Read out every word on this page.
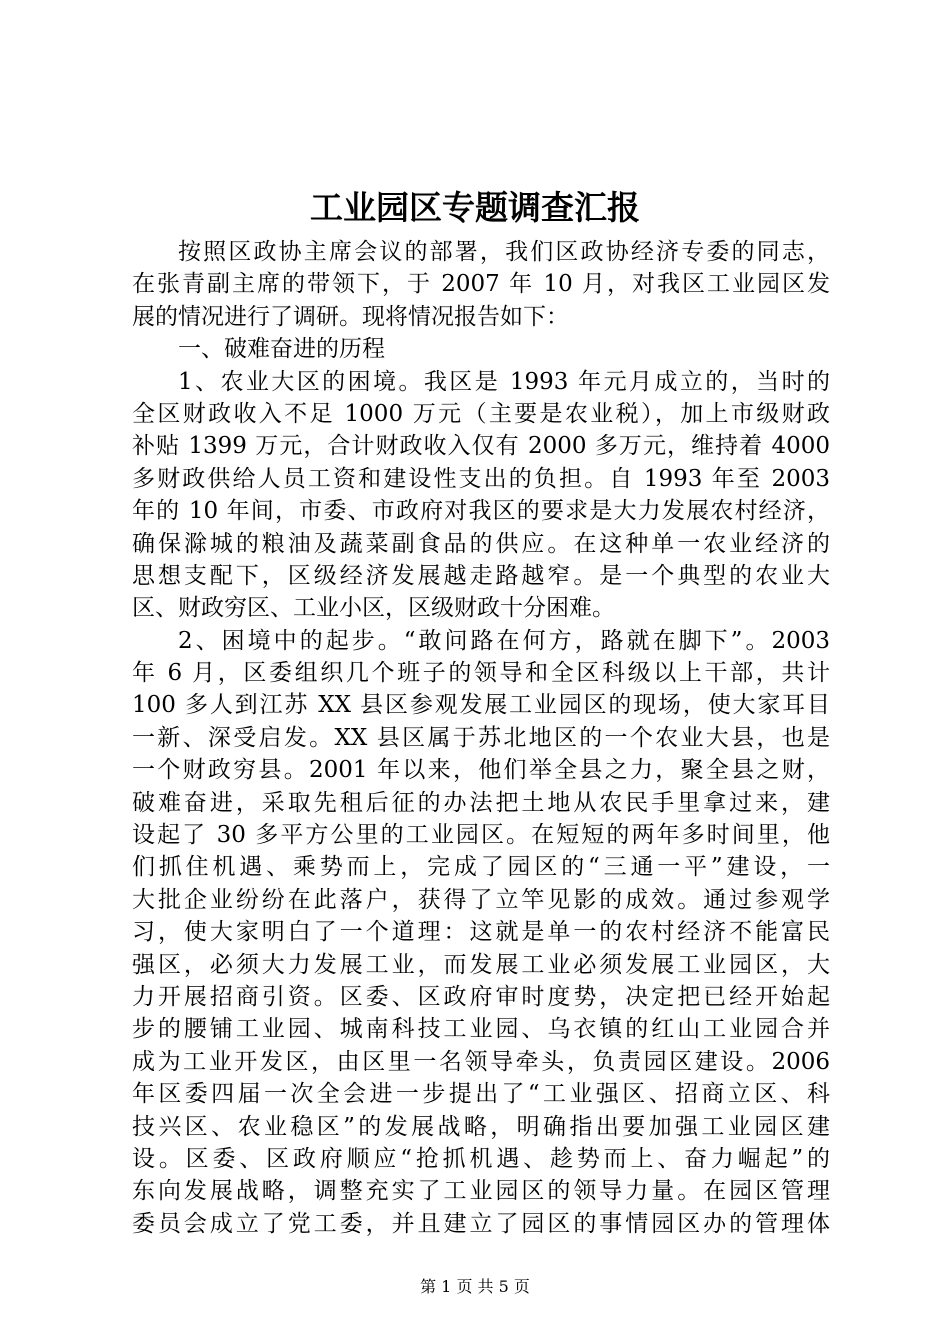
工业园区专题调查汇报
按照区政协主席会议的部署，我们区政协经济专委的同志，
在张青副主席的带领下，于 2007 年 10 月，对我区工业园区发
展的情况进行了调研。现将情况报告如下：
一、破难奋进的历程
1、农业大区的困境。我区是 1993 年元月成立的，当时的
全区财政收入不足 1000 万元（主要是农业税），加上市级财政
补贴 1399 万元，合计财政收入仅有 2000 多万元，维持着 4000
多财政供给人员工资和建设性支出的负担。自 1993 年至 2003
年的 10 年间，市委、市政府对我区的要求是大力发展农村经济，
确保滁城的粮油及蔬菜副食品的供应。在这种单一农业经济的
思想支配下，区级经济发展越走路越窄。是一个典型的农业大
区、财政穷区、工业小区，区级财政十分困难。
2、困境中的起步。“敢问路在何方，路就在脚下”。2003
年 6 月，区委组织几个班子的领导和全区科级以上干部，共计
100 多人到江苏 XX 县区参观发展工业园区的现场，使大家耳目
一新、深受启发。XX 县区属于苏北地区的一个农业大县，也是
一个财政穷县。2001 年以来，他们举全县之力，聚全县之财，
破难奋进，采取先租后征的办法把土地从农民手里拿过来，建
设起了 30 多平方公里的工业园区。在短短的两年多时间里，他
们抓住机遇、乘势而上，完成了园区的“三通一平”建设，一
大批企业纷纷在此落户，获得了立竿见影的成效。通过参观学
习，使大家明白了一个道理：这就是单一的农村经济不能富民
强区，必须大力发展工业，而发展工业必须发展工业园区，大
力开展招商引资。区委、区政府审时度势，决定把已经开始起
步的腰铺工业园、城南科技工业园、乌衣镇的红山工业园合并
成为工业开发区，由区里一名领导牵头，负责园区建设。2006
年区委四届一次全会进一步提出了“工业强区、招商立区、科
技兴区、农业稳区”的发展战略，明确指出要加强工业园区建
设。区委、区政府顺应“抢抓机遇、趁势而上、奋力崛起”的
东向发展战略，调整充实了工业园区的领导力量。在园区管理
委员会成立了党工委，并且建立了园区的事情园区办的管理体
第 1 页 共 5 页
